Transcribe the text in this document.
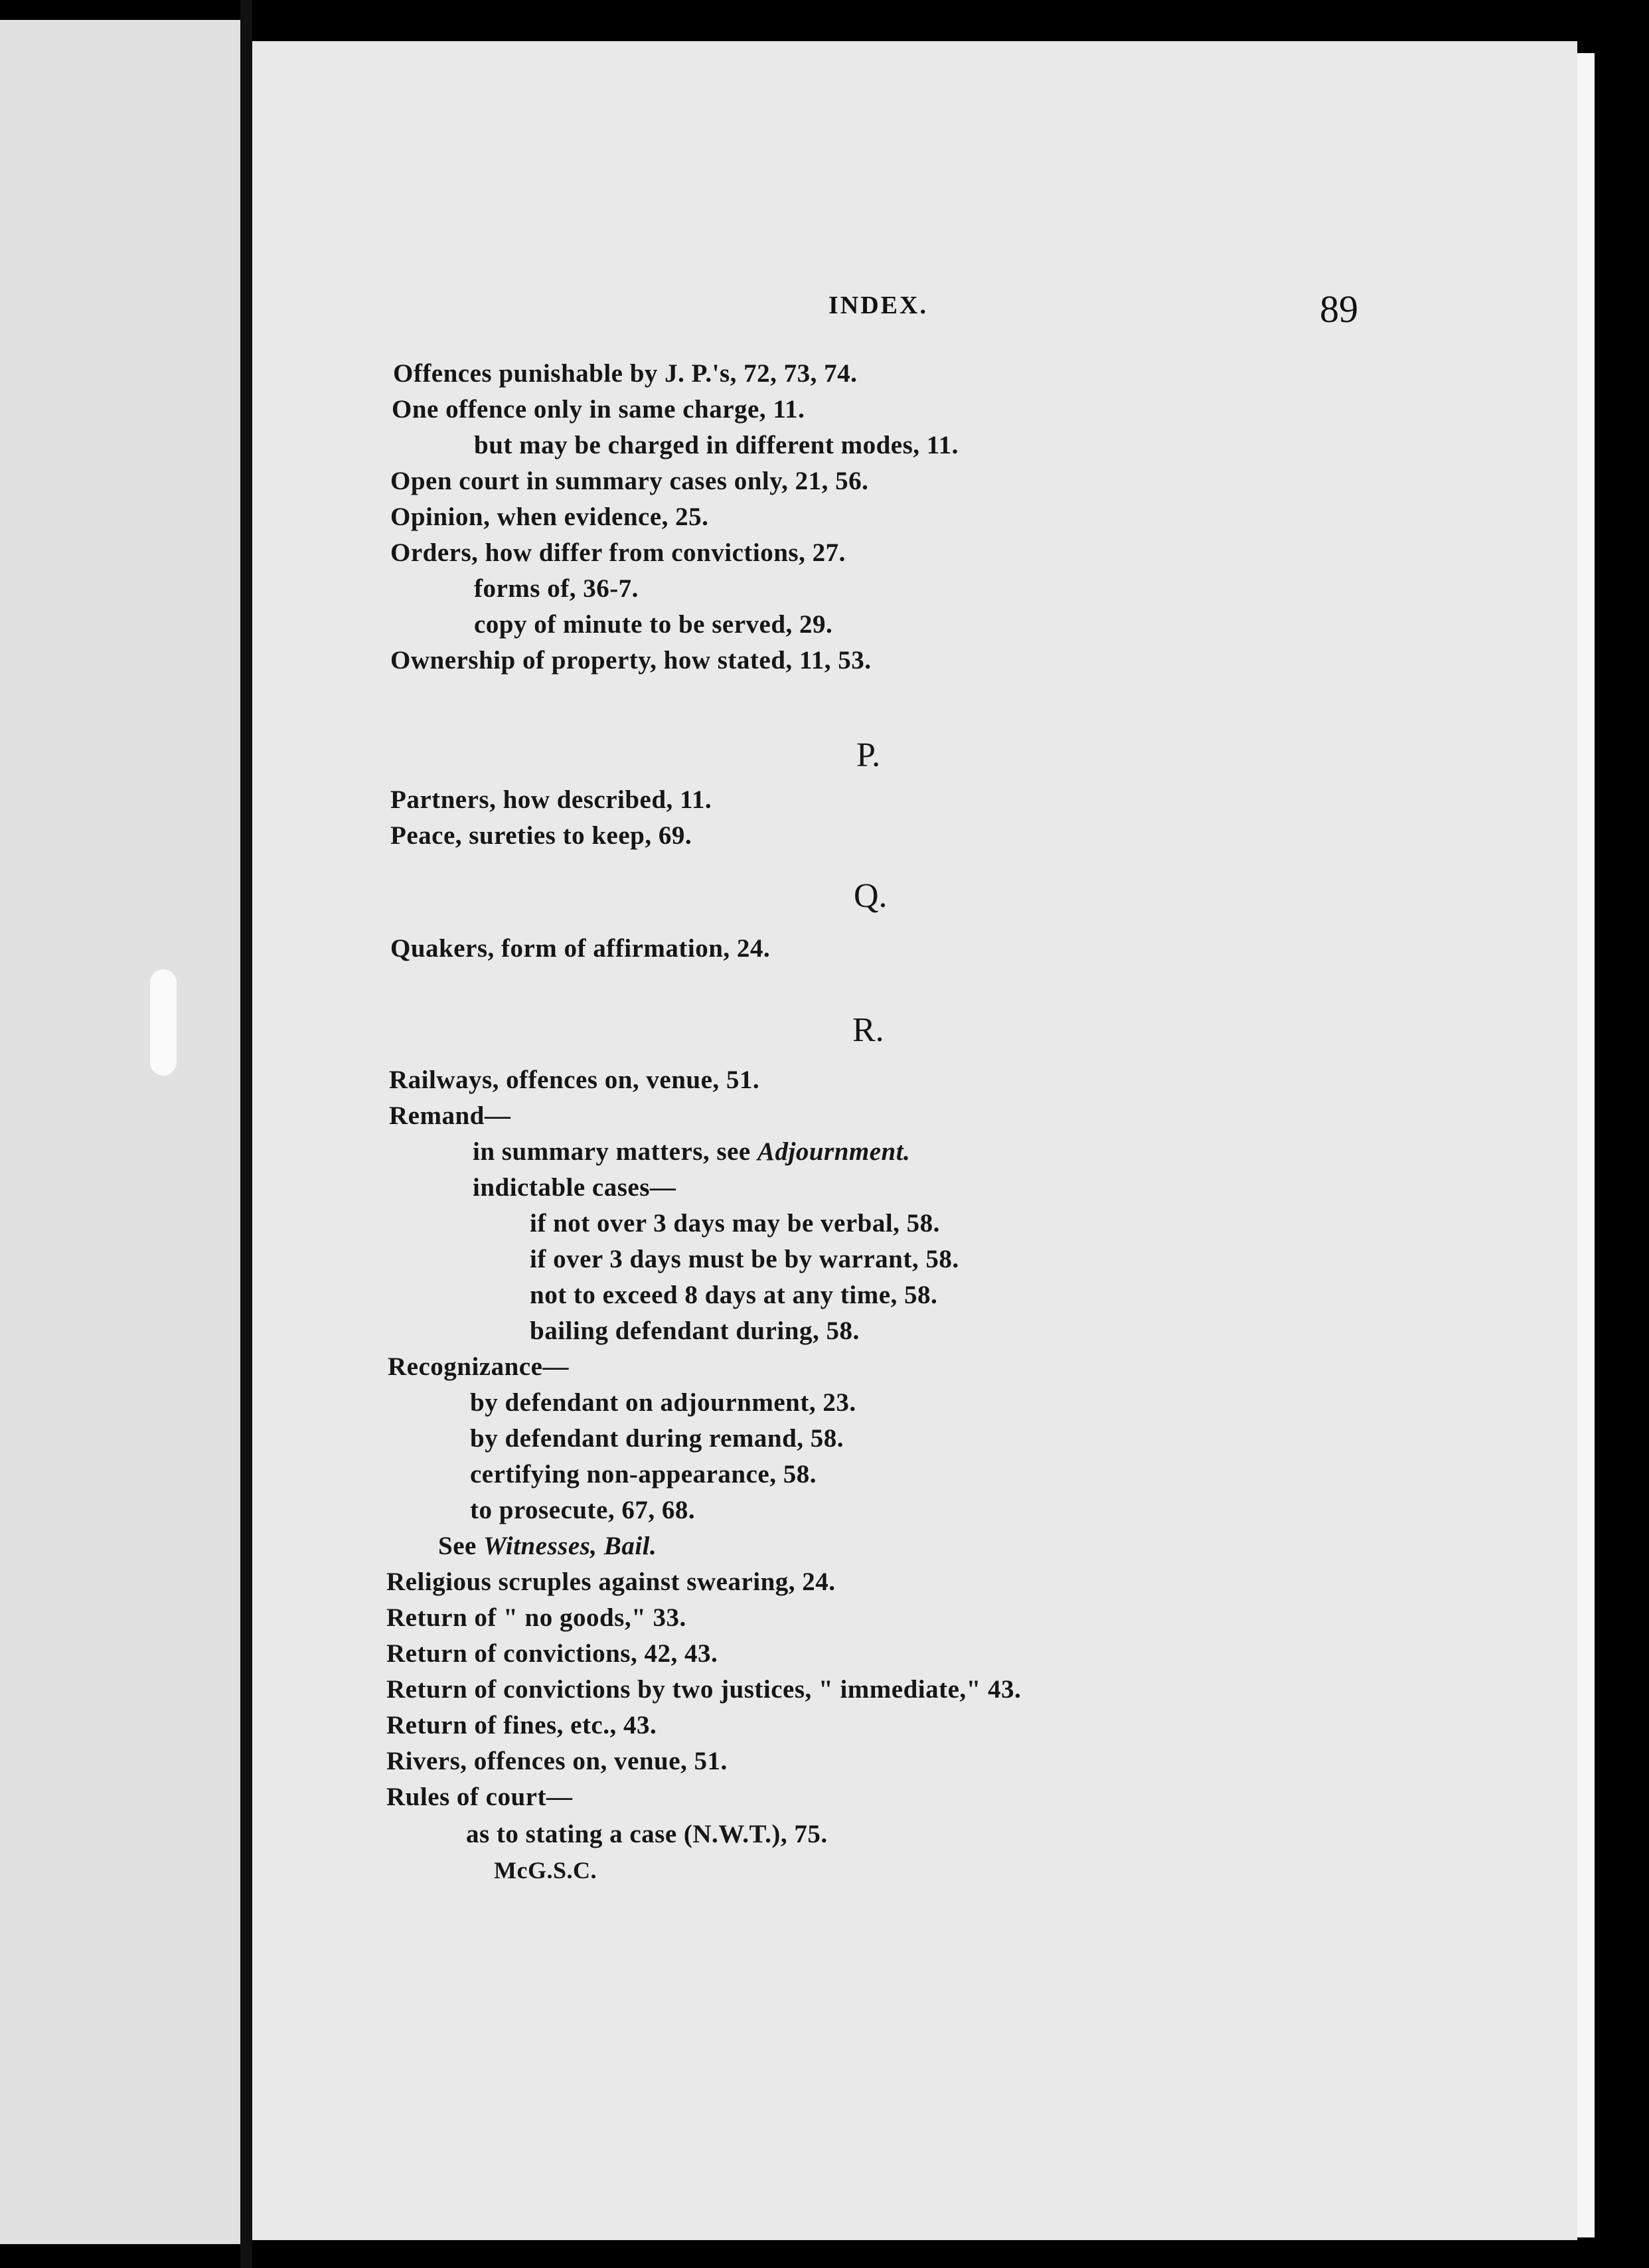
INDEX.	89
Offences punishable by J. P.'s, 72, 73, 74.
One offence only in same charge, 11.
but may be charged in different modes, 11.
Open court in summary cases only, 21, 56.
Opinion, when evidence, 25.
Orders, how differ from convictions, 27.
forms of, 36-7.
copy of minute to be served, 29.
Ownership of property, how stated, 11, 53.
P.
Partners, how described, 11.
Peace, sureties to keep, 69.
Q.
Quakers, form of affirmation, 24.
R.
Railways, offences on, venue, 51.
Remand—
in summary matters, see Adjournment.
indictable cases—
if not over 3 days may be verbal, 58.
if over 3 days must be by warrant, 58.
not to exceed 8 days at any time, 58.
bailing defendant during, 58.
Recognizance—
by defendant on adjournment, 23.
by defendant during remand, 58.
certifying non-appearance, 58.
to prosecute, 67, 68.
See Witnesses, Bail.
Religious scruples against swearing, 24.
Return of " no goods," 33.
Return of convictions, 42, 43.
Return of convictions by two justices, " immediate," 43.
Return of fines, etc., 43.
Rivers, offences on, venue, 51.
Rules of court—
as to stating a case (N.W.T.), 75.
McG.S.C.
